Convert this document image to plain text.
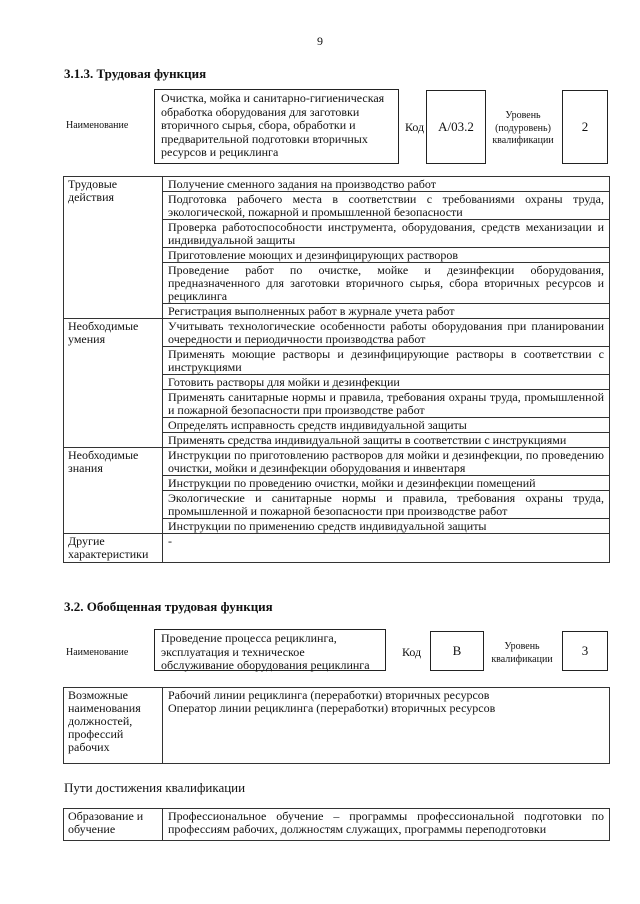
9
3.1.3. Трудовая функция
Наименование
Очистка, мойка и санитарно-гигиеническая обработка оборудования для заготовки вторичного сырья, сбора, обработки и предварительной подготовки вторичных ресурсов и рециклинга
Код	А/03.2
Уровень (подуровень) квалификации
2
Трудовые действия	Получение сменного задания на производство работ
	Подготовка рабочего места в соответствии с требованиями охраны труда, экологической, пожарной и промышленной безопасности
	Проверка работоспособности инструмента, оборудования, средств механизации и индивидуальной защиты
	Приготовление моющих и дезинфицирующих растворов
	Проведение работ по очистке, мойке и дезинфекции оборудования, предназначенного для заготовки вторичного сырья, сбора вторичных ресурсов и рециклинга
	Регистрация выполненных работ в журнале учета работ
Необходимые умения	Учитывать технологические особенности работы оборудования при планировании очередности и периодичности производства работ
	Применять моющие растворы и дезинфицирующие растворы в соответствии с инструкциями
	Готовить растворы для мойки и дезинфекции
	Применять санитарные нормы и правила, требования охраны труда, промышленной и пожарной безопасности при производстве работ
	Определять исправность средств индивидуальной защиты
	Применять средства индивидуальной защиты в соответствии с инструкциями
Необходимые знания	Инструкции по приготовлению растворов для мойки и дезинфекции, по проведению очистки, мойки и дезинфекции оборудования и инвентаря
	Инструкции по проведению очистки, мойки и дезинфекции помещений
	Экологические и санитарные нормы и правила, требования охраны труда, промышленной и пожарной безопасности при производстве работ
	Инструкции по применению средств индивидуальной защиты
Другие характеристики	-
3.2. Обобщенная трудовая функция
Наименование
Проведение процесса рециклинга, эксплуатация и техническое обслуживание оборудования рециклинга
Код	В	Уровень квалификации
3
Возможные наименования должностей, профессий рабочих	
Рабочий линии рециклинга (переработки) вторичных ресурсов
Оператор линии рециклинга (переработки) вторичных ресурсов
Пути достижения квалификации
Образование и обучение	Профессиональное обучение – программы профессиональной подготовки по профессиям рабочих, должностям служащих, программы переподготовки
